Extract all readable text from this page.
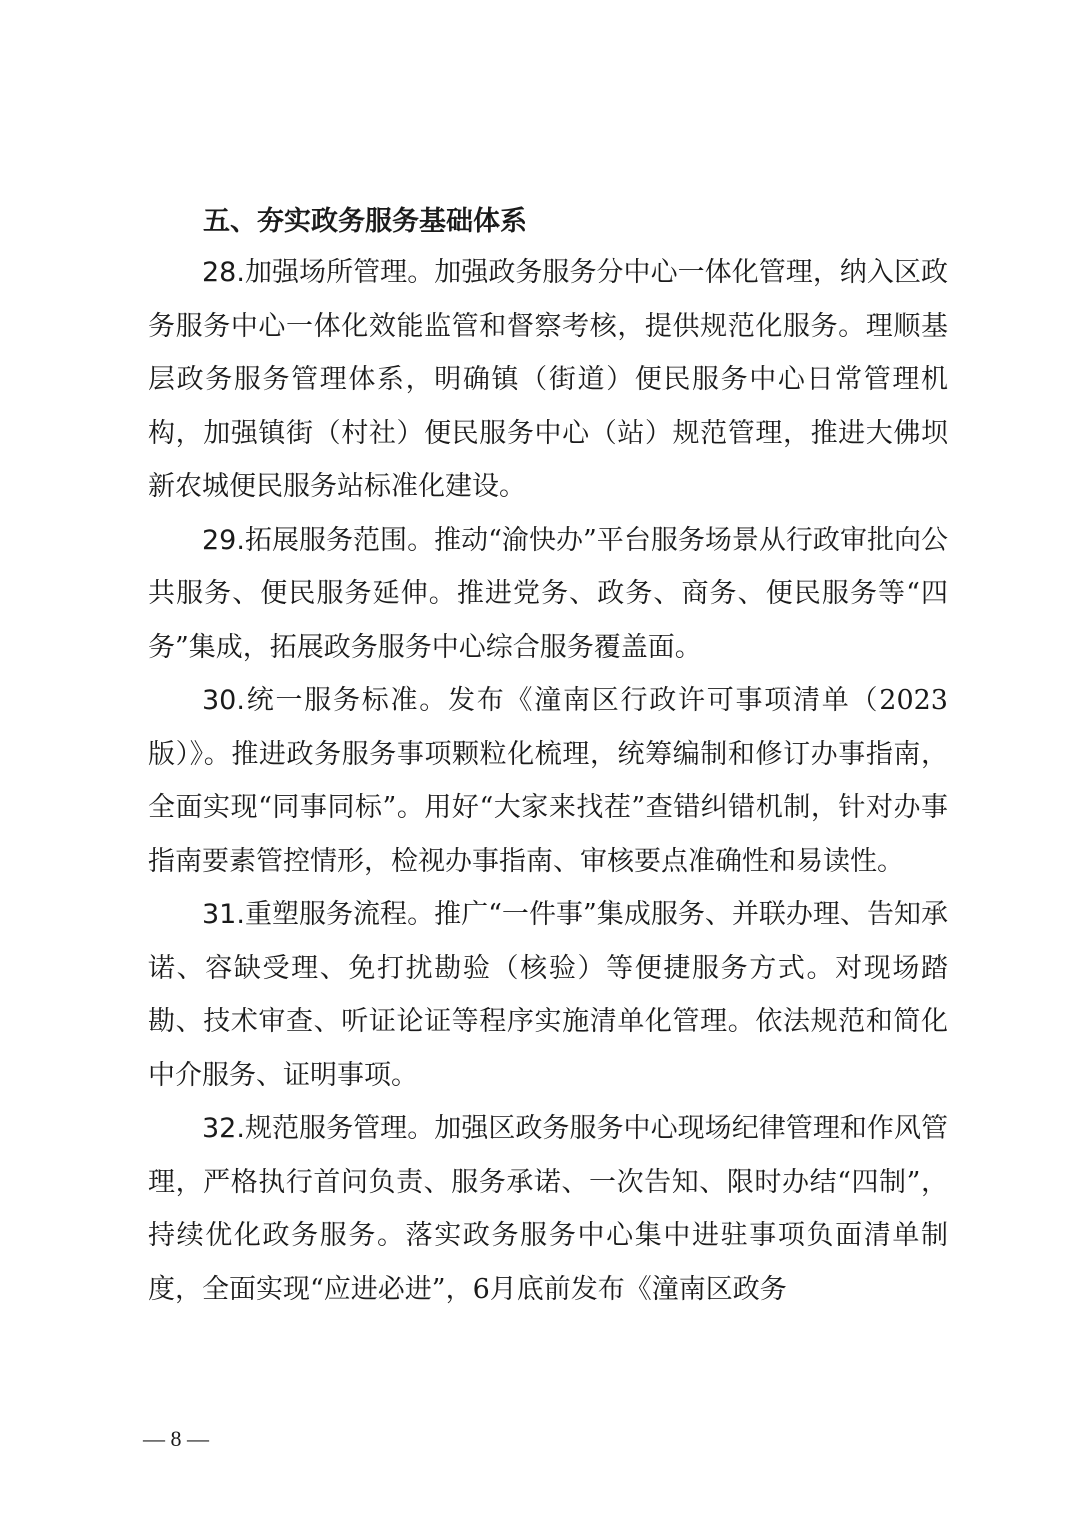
五、夯实政务服务基础体系

28.加强场所管理。加强政务服务分中心一体化管理，纳入区政务服务中心一体化效能监管和督察考核，提供规范化服务。理顺基层政务服务管理体系，明确镇（街道）便民服务中心日常管理机构，加强镇街（村社）便民服务中心（站）规范管理，推进大佛坝新农城便民服务站标准化建设。

29.拓展服务范围。推动“渝快办”平台服务场景从行政审批向公共服务、便民服务延伸。推进党务、政务、商务、便民服务等“四务”集成，拓展政务服务中心综合服务覆盖面。

30.统一服务标准。发布《潼南区行政许可事项清单（2023版）》。推进政务服务事项颗粒化梳理，统筹编制和修订办事指南，全面实现“同事同标”。用好“大家来找茬”查错纠错机制，针对办事指南要素管控情形，检视办事指南、审核要点准确性和易读性。

31.重塑服务流程。推广“一件事”集成服务、并联办理、告知承诺、容缺受理、免打扰勘验（核验）等便捷服务方式。对现场踏勘、技术审查、听证论证等程序实施清单化管理。依法规范和简化中介服务、证明事项。

32.规范服务管理。加强区政务服务中心现场纪律管理和作风管理，严格执行首问负责、服务承诺、一次告知、限时办结“四制”，持续优化政务服务。落实政务服务中心集中进驻事项负面清单制度，全面实现“应进必进”，6月底前发布《潼南区政务

— 8 —
